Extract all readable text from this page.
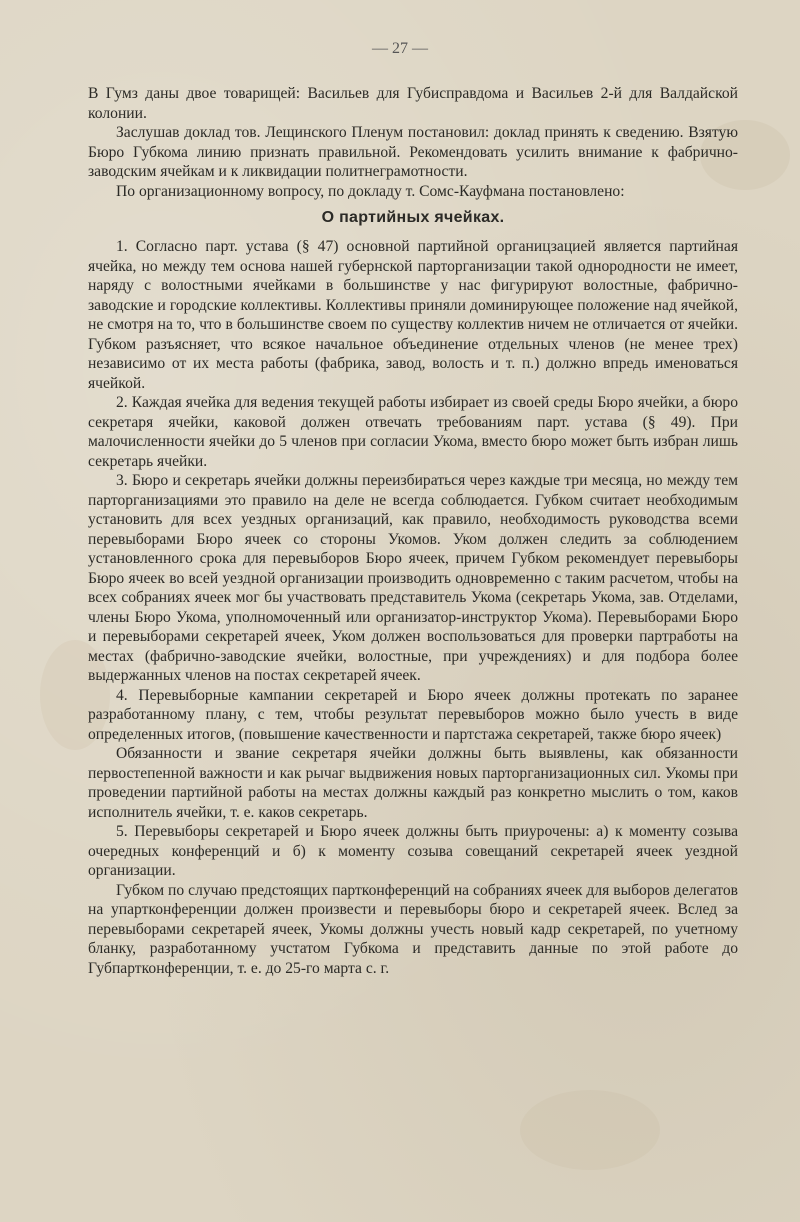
— 27 —

В Гумз даны двое товарищей: Васильев для Губисправдома и Васильев 2-й для Валдайской колонии.

Заслушав доклад тов. Лещинского Пленум постановил: доклад принять к сведению. Взятую Бюро Губкома линию признать правильной. Рекомендовать усилить внимание к фабрично-заводским ячейкам и к ликвидации политнеграмотности.

По организационному вопросу, по докладу т. Сомс-Кауфмана постановлено:

О партийных ячейках.

1. Согласно парт. устава (§ 47) основной партийной органицзацией является партийная ячейка, но между тем основа нашей губернской парторганизации такой однородности не имеет, наряду с волостными ячейками в большинстве у нас фигурируют волостные, фабрично-заводские и городские коллективы. Коллективы приняли доминирующее положение над ячейкой, не смотря на то, что в большинстве своем по существу коллектив ничем не отличается от ячейки. Губком разъясняет, что всякое начальное объединение отдельных членов (не менее трех) независимо от их места работы (фабрика, завод, волость и т. п.) должно впредь именоваться ячейкой.

2. Каждая ячейка для ведения текущей работы избирает из своей среды Бюро ячейки, а бюро секретаря ячейки, каковой должен отвечать требованиям парт. устава (§ 49). При малочисленности ячейки до 5 членов при согласии Укома, вместо бюро может быть избран лишь секретарь ячейки.

3. Бюро и секретарь ячейки должны переизбираться через каждые три месяца, но между тем парторганизациями это правило на деле не всегда соблюдается. Губком считает необходимым установить для всех уездных организаций, как правило, необходимость руководства всеми перевыборами Бюро ячеек со стороны Укомов. Уком должен следить за соблюдением установленного срока для перевыборов Бюро ячеек, причем Губком рекомендует перевыборы Бюро ячеек во всей уездной организации производить одновременно с таким расчетом, чтобы на всех собраниях ячеек мог бы участвовать представитель Укома (секретарь Укома, зав. Отделами, члены Бюро Укома, уполномоченный или организатор-инструктор Укома). Перевыборами Бюро и перевыборами секретарей ячеек, Уком должен воспользоваться для проверки партработы на местах (фабрично-заводские ячейки, волостные, при учреждениях) и для подбора более выдержанных членов на постах секретарей ячеек.

4. Перевыборные кампании секретарей и Бюро ячеек должны протекать по заранее разработанному плану, с тем, чтобы результат перевыборов можно было учесть в виде определенных итогов, (повышение качественности и партстажа секретарей, также бюро ячеек)

Обязанности и звание секретаря ячейки должны быть выявлены, как обязанности первостепенной важности и как рычаг выдвижения новых парторганизационных сил. Укомы при проведении партийной работы на местах должны каждый раз конкретно мыслить о том, каков исполнитель ячейки, т. е. каков секретарь.

5. Перевыборы секретарей и Бюро ячеек должны быть приурочены: а) к моменту созыва очередных конференций и б) к моменту созыва совещаний секретарей ячеек уездной организации.

Губком по случаю предстоящих партконференций на собраниях ячеек для выборов делегатов на упартконференции должен произвести и перевыборы бюро и секретарей ячеек. Вслед за перевыборами секретарей ячеек, Укомы должны учесть новый кадр секретарей, по учетному бланку, разработанному учстатом Губкома и представить данные по этой работе до Губпартконференции, т. е. до 25-го марта с. г.
